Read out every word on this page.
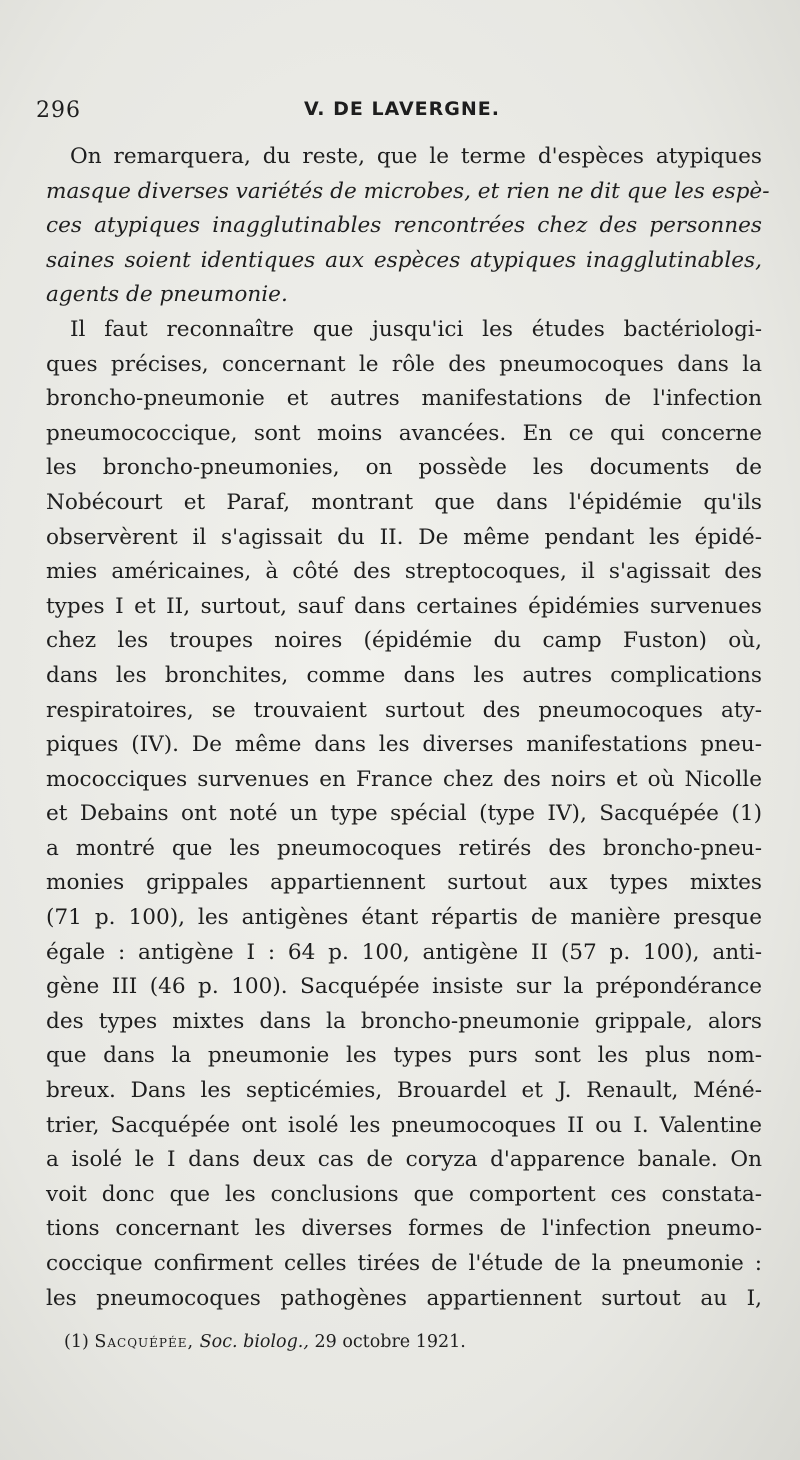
296	V. DE LAVERGNE.
On remarquera, du reste, que le terme d'espèces atypiques
masque diverses variétés de microbes, et rien ne dit que les espè-
ces atypiques inagglutinables rencontrées chez des personnes
saines soient identiques aux espèces atypiques inagglutinables,
agents de pneumonie.
Il faut reconnaître que jusqu'ici les études bactériologi-
ques précises, concernant le rôle des pneumocoques dans la
broncho-pneumonie et autres manifestations de l'infection
pneumococcique, sont moins avancées. En ce qui concerne
les broncho-pneumonies, on possède les documents de
Nobécourt et Paraf, montrant que dans l'épidémie qu'ils
observèrent il s'agissait du II. De même pendant les épidé-
mies américaines, à côté des streptocoques, il s'agissait des
types I et II, surtout, sauf dans certaines épidémies survenues
chez les troupes noires (épidémie du camp Fuston) où,
dans les bronchites, comme dans les autres complications
respiratoires, se trouvaient surtout des pneumocoques aty-
piques (IV). De même dans les diverses manifestations pneu-
mococciques survenues en France chez des noirs et où Nicolle
et Debains ont noté un type spécial (type IV), Sacquépée (1)
a montré que les pneumocoques retirés des broncho-pneu-
monies grippales appartiennent surtout aux types mixtes
(71 p. 100), les antigènes étant répartis de manière presque
égale : antigène I : 64 p. 100, antigène II (57 p. 100), anti-
gène III (46 p. 100). Sacquépée insiste sur la prépondérance
des types mixtes dans la broncho-pneumonie grippale, alors
que dans la pneumonie les types purs sont les plus nom-
breux. Dans les septicémies, Brouardel et J. Renault, Méné-
trier, Sacquépée ont isolé les pneumocoques II ou I. Valentine
a isolé le I dans deux cas de coryza d'apparence banale. On
voit donc que les conclusions que comportent ces constata-
tions concernant les diverses formes de l'infection pneumo-
coccique confirment celles tirées de l'étude de la pneumonie :
les pneumocoques pathogènes appartiennent surtout au I,
(1) Sacquépée, Soc. biolog., 29 octobre 1921.
